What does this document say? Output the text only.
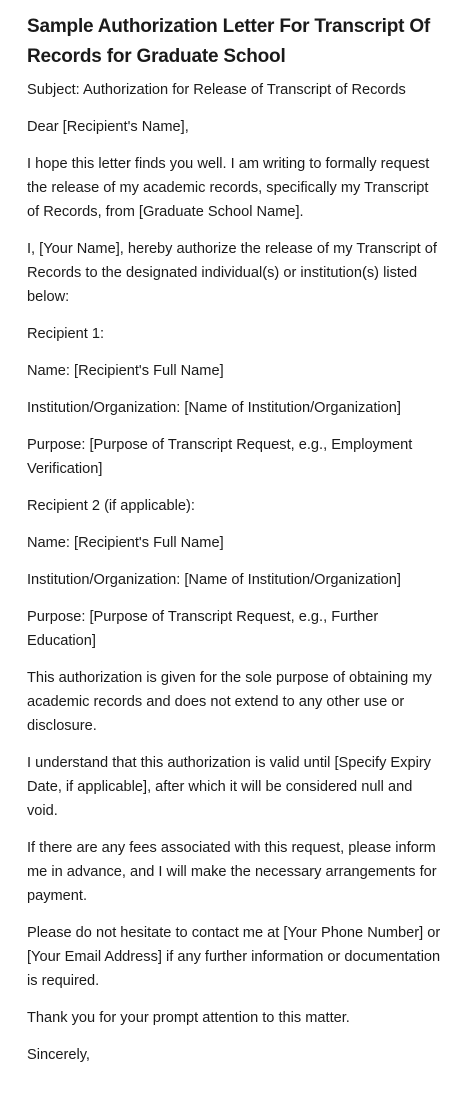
Sample Authorization Letter For Transcript Of Records for Graduate School

Subject: Authorization for Release of Transcript of Records

Dear [Recipient's Name],

I hope this letter finds you well. I am writing to formally request the release of my academic records, specifically my Transcript of Records, from [Graduate School Name].

I, [Your Name], hereby authorize the release of my Transcript of Records to the designated individual(s) or institution(s) listed below:

Recipient 1:

Name: [Recipient's Full Name]

Institution/Organization: [Name of Institution/Organization]

Purpose: [Purpose of Transcript Request, e.g., Employment Verification]

Recipient 2 (if applicable):

Name: [Recipient's Full Name]

Institution/Organization: [Name of Institution/Organization]

Purpose: [Purpose of Transcript Request, e.g., Further Education]

This authorization is given for the sole purpose of obtaining my academic records and does not extend to any other use or disclosure.

I understand that this authorization is valid until [Specify Expiry Date, if applicable], after which it will be considered null and void.

If there are any fees associated with this request, please inform me in advance, and I will make the necessary arrangements for payment.

Please do not hesitate to contact me at [Your Phone Number] or [Your Email Address] if any further information or documentation is required.

Thank you for your prompt attention to this matter.

Sincerely,
